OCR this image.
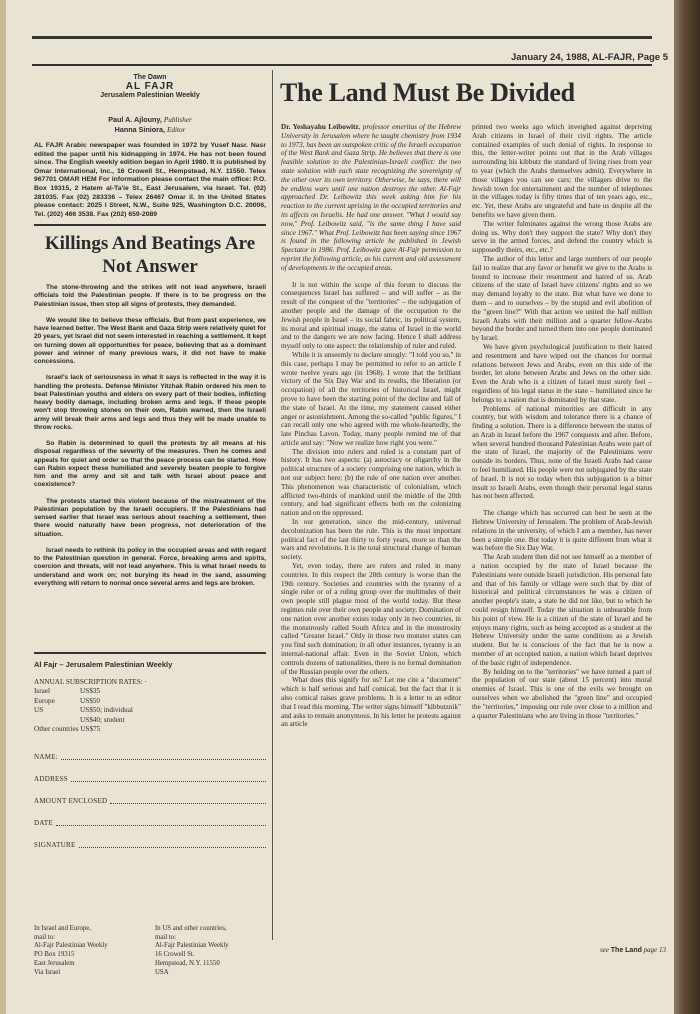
January 24, 1988, AL-FAJR, Page 5
The Dawn
AL FAJR
Jerusalem Palestinian Weekly
Paul A. Ajlouny, Publisher
Hanna Siniora, Editor
AL FAJR Arabic newspaper was founded in 1972 by Yusef Nasr. Nasr edited the paper until his kidnapping in 1974. He has not been found since. The English weekly edition began in April 1980. It is published by Omar International, Inc., 16 Crowell St., Hempstead, N.Y. 11550. Telex 967701 OMAR HEM For information please contact the main office: P.O. Box 19315, 2 Hatem al-Ta'ie St., East Jerusalem, via Israel. Tel. (02) 281035. Fax (02) 283336 – Telex 26467 Omar il. In the United States please contact: 2025 I Street, N.W., Suite 925, Washington D.C. 20006, Tel. (202) 466 3538. Fax (202) 659-2089
Killings And Beatings Are Not Answer

The stone-throwing and the strikes will not lead anywhere, Israeli officials told the Palestinian people. If there is to be progress on the Palestinian issue, then stop all signs of protests, they demanded.

We would like to believe these officials. But from past experience, we have learned better. The West Bank and Gaza Strip were relatively quiet for 20 years, yet Israel did not seem interested in reaching a settlement. It kept on turning down all opportunities for peace, believing that as a dominant power and winner of many previous wars, it did not have to make concessions.

Israel's lack of seriousness in what it says is reflected in the way it is handling the protests. Defense Minister Yitzhak Rabin ordered his men to beat Palestinian youths and elders on every part of their bodies, inflicting heavy bodily damage, including broken arms and legs. If these people won't stop throwing stones on their own, Rabin warned, then the Israeli army will break their arms and legs and thus they will be made unable to throw rocks.

So Rabin is determined to quell the protests by all means at his disposal regardless of the severity of the measures. Then he comes and appeals for quiet and order so that the peace process can be started. How can Rabin expect these humiliated and severely beaten people to forgive him and the army and sit and talk with Israel about peace and coexistence?

The protests started this violent because of the mistreatment of the Palestinian population by the Israeli occupiers. If the Palestinians had sensed earlier that Israel was serious about reaching a settlement, then there would naturally have been progress, not deterioration of the situation.

Israel needs to rethink its policy in the occupied areas and with regard to the Palestinian question in general. Force, breaking arms and spirits, coercion and threats, will not lead anywhere. This is what Israel needs to understand and work on; not burying its head in the sand, assuming everything will return to normal once several arms and legs are broken.

Al Fajr – Jerusalem Palestinian Weekly
ANNUAL SUBSCRIPTION RATES: ·
Israel	US$35
Europe	US$50
US	US$50; individual
US$40; student
Other countries US$75
NAME:
ADDRESS
AMOUNT ENCLOSED
DATE
SIGNATURE
In Israel and Europe,
mail to:
Al-Fajr Palestinian Weekly
PO Box 19315
East Jerusalem
Via Israel
In US and other countries,
mail to:
Al-Fajr Palestinian Weekly
16 Crowell St.
Hempstead, N.Y. 11550
USA
The Land Must Be Divided

Dr. Yeshayahu Leibowitz, professor emeritus of the Hebrew University in Jerusalem where he taught chemistry from 1934 to 1973, has been an outspoken critic of the Israeli occupation of the West Bank and Gaza Strip. He believes that there is one feasible solution to the Palestinian-Israeli conflict: the two state solution with each state recognizing the sovereignty of the other over its own territory. Otherwise, he says, there will be endless wars until one nation destroys the other. Al-Fajr approached Dr. Leibowitz this week asking him for his reaction to the current uprising in the occupied territories and its affects on Israelis. He had one answer. "What I would say now," Prof. Leibowitz said, "is the same thing I have said since 1967." What Prof. Leibowitz has been saying since 1967 is found in the following article he published in Jewish Spectator in 1986. Prof. Leibowitz gave Al-Fajr permission to reprint the following article, as his current and old assessment of developments in the occupied areas.

It is not within the scope of this forum to discuss the consequences Israel has suffered – and will suffer – as the result of the conquest of the "territories" – the subjugation of another people and the damage of the occupation to the Jewish people in Israel – its social fabric, its political system, its moral and spiritual image, the status of Israel in the world and to the dangers we are now facing. Hence I shall address myself only to one aspect: the relationship of ruler and ruled.

While it is unseemly to declare smugly: "I told you so," in this case, perhaps I may be permitted to refer to an article I wrote twelve years ago (in 1968). I wrote that the brilliant victory of the Six Day War and its results, the liberation (or occupation) of all the territories of historical Israel, might prove to have been the starting point of the decline and fall of the state of Israel. At the time, my statement caused either anger or astonishment. Among the so-called "public figures," I can recall only one who agreed with me whole-heartedly, the late Pinchas Lavon. Today, many people remind me of that article and say: "Now we realize how right you were."

The division into rulers and ruled is a constant part of history. It has two aspects: (a) autocracy or oligarchy in the political structure of a society comprising one nation, which is not our subject here; (b) the rule of one nation over another. This phenomenon was characteristic of colonialism, which afflicted two-thirds of mankind until the middle of the 20th century, and had significant effects both on the colonizing nation and on the oppressed.

In our generation, since the mid-century, universal decolonization has been the rule. This is the most important political fact of the last thirty to forty years, more so than the wars and revolutions. It is the total structural change of human society.

Yet, even today, there are rulers and ruled in many countries. In this respect the 20th century is worse than the 19th century. Societies and countries with the tyranny of a single ruler or of a ruling group over the multitudes of their own people still plague most of the world today. But these regimes rule over their own people and society. Domination of one nation over another exists today only in two countries, in the monstrously called South Africa and in the monstrosity called "Greater Israel." Only in those two monster states can you find such domination; in all other instances, tyranny is an internal-national affair. Even in the Soviet Union, which controls dozens of nationalities, there is no formal domination of the Russian people over the others.

What does this signify for us? Let me cite a "document" which is half serious and half comical, but the fact that it is also comical raises grave problems. It is a letter to an editor that I read this morning. The writer signs himself "kibbutznik" and asks to remain anonymous. In his letter he protests against an article

printed two weeks ago which inveighed against depriving Arab citizens in Israel of their civil rights. The article contained examples of such denial of rights. In response to this, the letter-writer points out that in the Arab villages surrounding his kibbutz the standard of living rises from year to year (which the Arabs themselves admit). Everywhere in those villages you can see cars; the villagers drive to the Jewish town for entertainment and the number of telephones in the villages today is fifty times that of ten years ago, etc., etc. Yet, these Arabs are ungrateful and hate us despite all the benefits we have given them.

The writer fulminates against the wrong those Arabs are doing us. Why don't they support the state? Why don't they serve in the armed forces, and defend the country which is supposedly theirs, etc., etc.?

The author of this letter and large numbers of our people fail to realize that any favor or benefit we give to the Arabs is bound to increase their resentment and hatred of us. Arab citizens of the state of Israel have citizens' rights and so we may demand loyalty to the state. But what have we done to them – and to ourselves – by the stupid and evil abolition of the "green line?" With that action we united the half million Israeli Arabs with their million and a quarter fellow-Arabs beyond the border and turned them into one people dominated by Israel.

We have given psychological justification to their hatred and resentment and have wiped out the chances for normal relations between Jews and Arabs, even on this side of the border, let alone between Arabs and Jews on the other side. Even the Arab who is a citizen of Israel must surely feel – regardless of his legal status in the state – humiliated since he belongs to a nation that is dominated by that state.

Problems of national minorities are difficult in any country, but with wisdom and tolerance there is a chance of finding a solution. There is a difference between the status of an Arab in Israel before the 1967 conquests and after. Before, when several hundred thousand Palestinian Arabs were part of the state of Israel, the majority of the Palestinians were outside its borders. Thus, none of the Israeli Arabs had cause to feel humiliated. His people were not subjugated by the state of Israel. It is not so today when this subjugation is a bitter insult to Israeli Arabs, even though their personal legal status has not been affected.

The change which has occurred can best be seen at the Hebrew University of Jerusalem. The problem of Arab-Jewish relations in the university, of which I am a member, has never been a simple one. But today it is quite different from what it was before the Six Day War.

The Arab student then did not see himself as a member of a nation occupied by the state of Israel because the Palestinians were outside Israeli jurisdiction. His personal fate and that of his family or village were such that by dint of historical and political circumstances he was a citizen of another people's state, a state he did not like, but to which he could resign himself. Today the situation is unbearable from his point of view. He is a citizen of the state of Israel and he enjoys many rights, such as being accepted as a student at the Hebrew University under the same conditions as a Jewish student. But he is conscious of the fact that he is now a member of an occupied nation, a nation which Israel deprives of the basic right of independence.

By holding on to the "territories" we have turned a part of the population of our state (about 15 percent) into moral enemies of Israel. This is one of the evils we brought on ourselves when we abolished the "green line" and occupied the "territories," imposing our rule over close to a million and a quarter Palestinians who are living in those "territories."

see The Land page 13
